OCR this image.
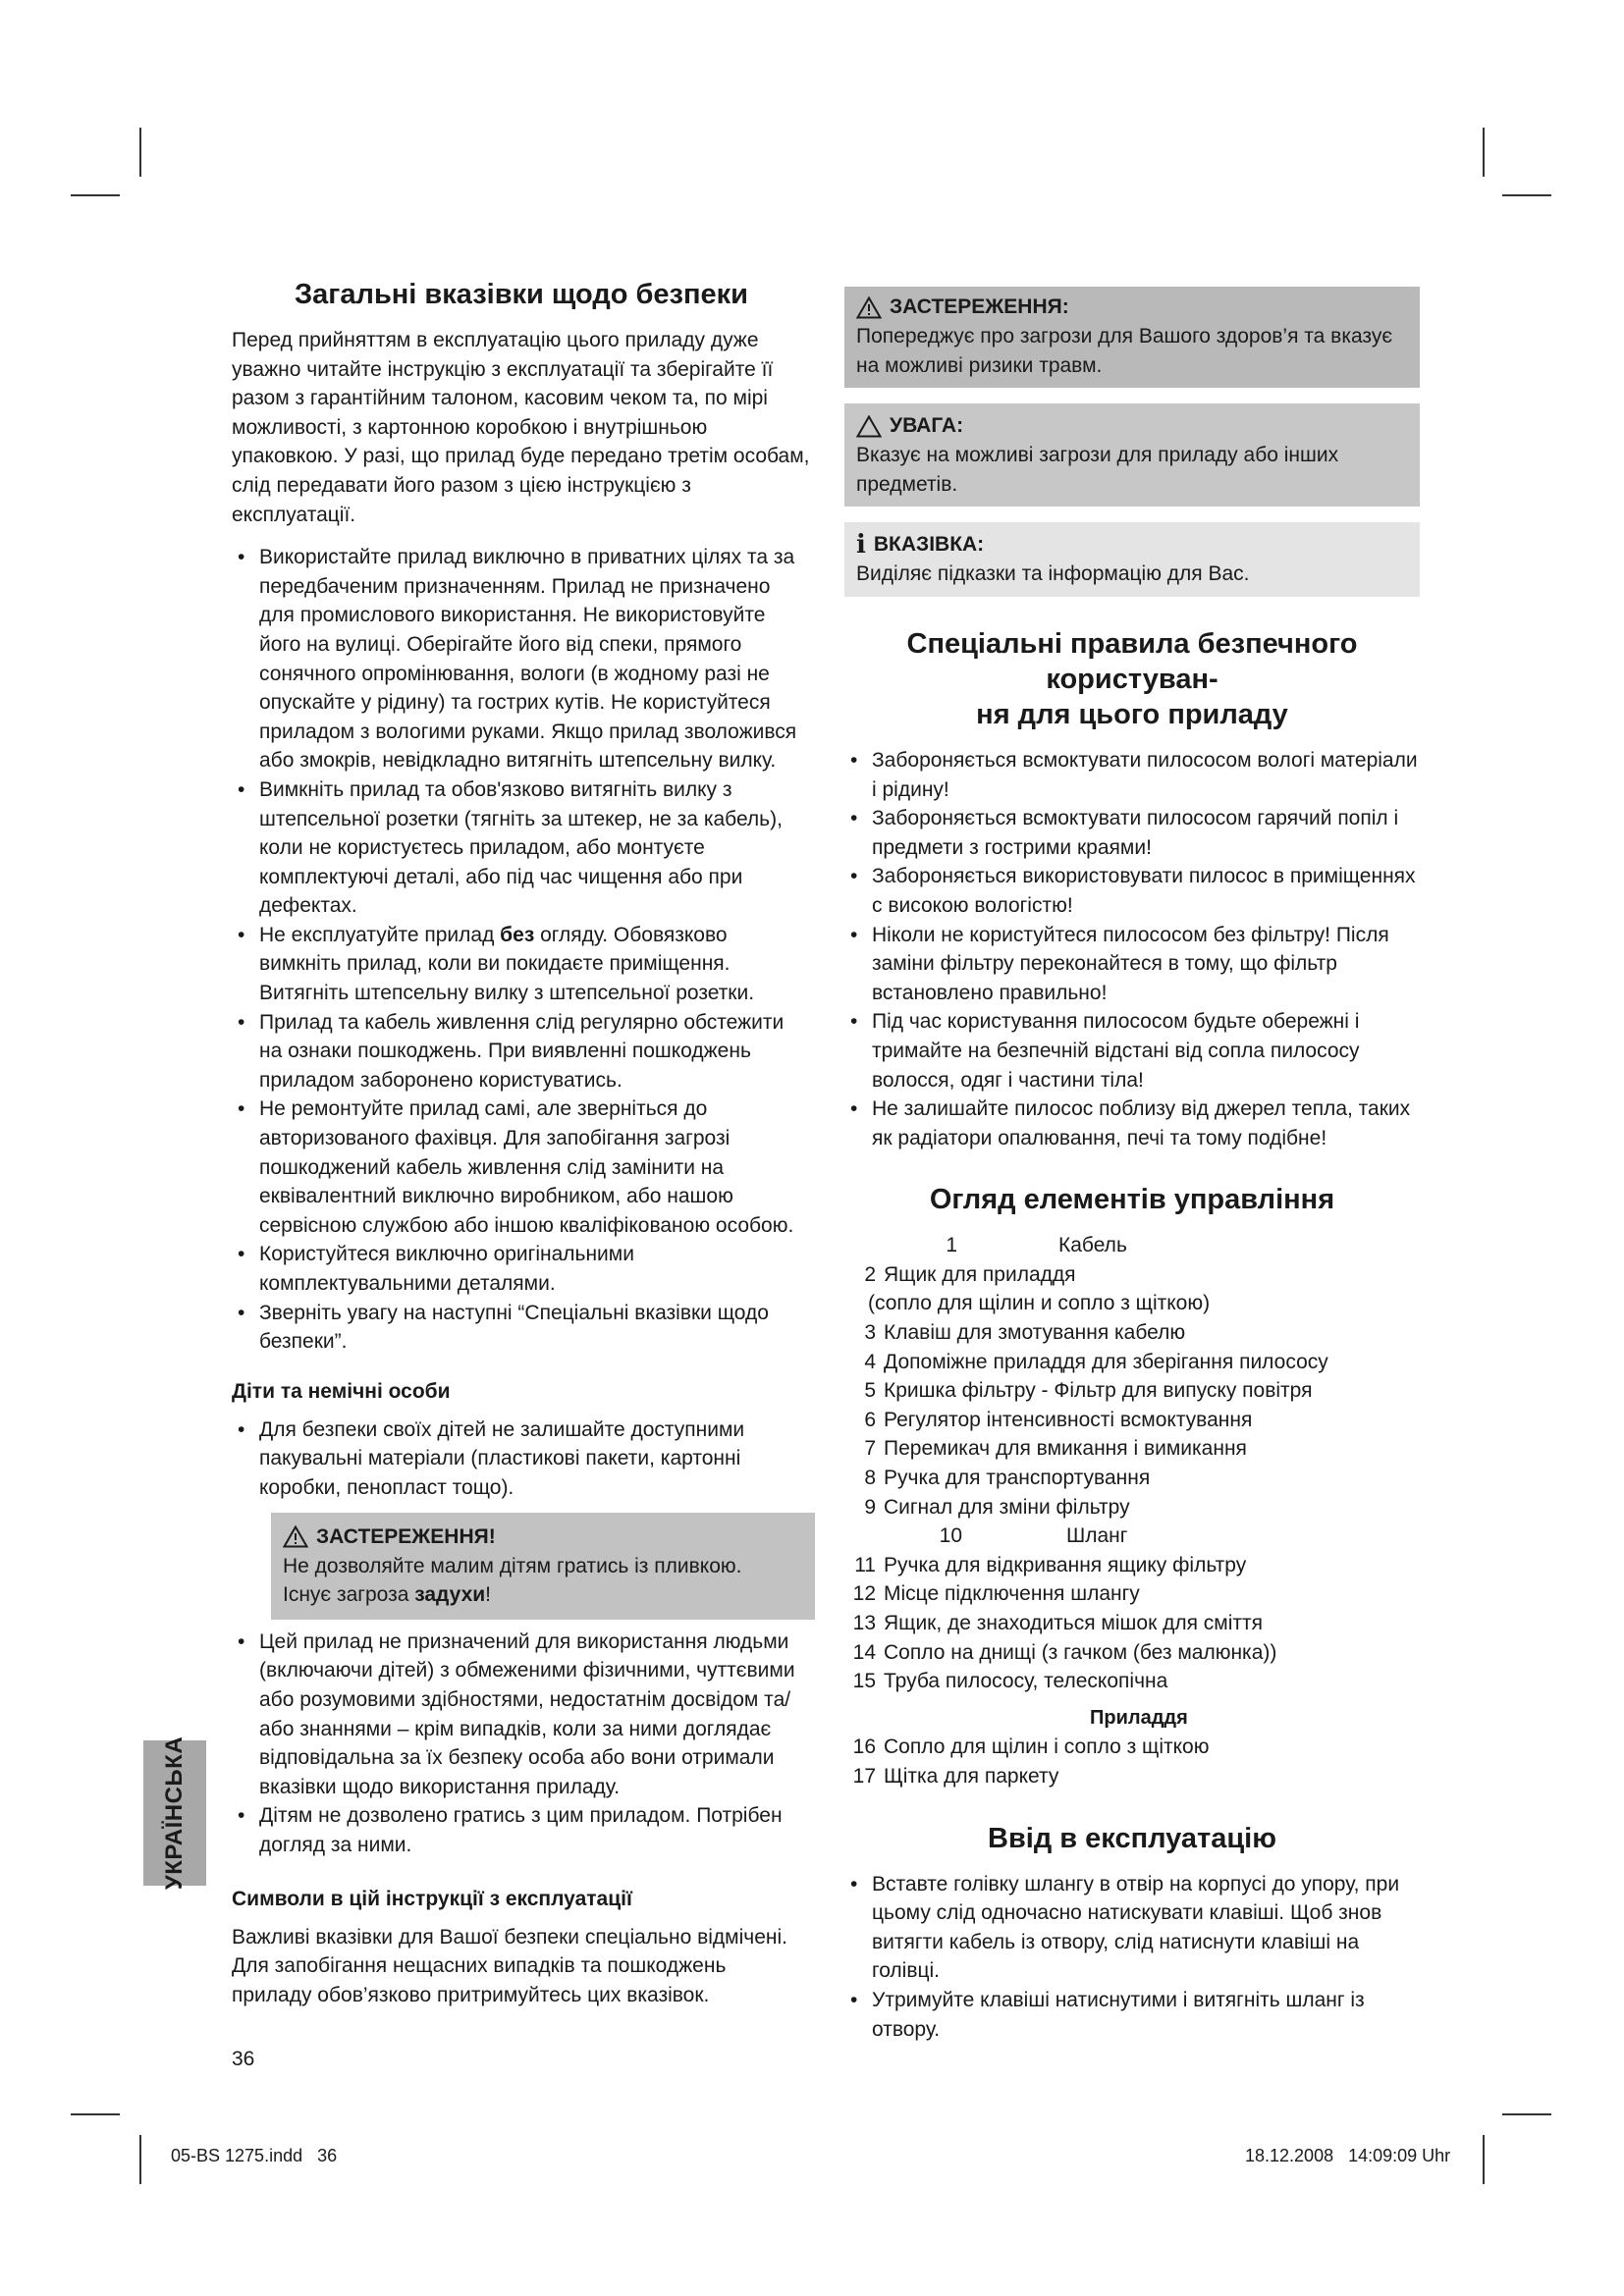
Загальні вказівки щодо безпеки

Перед прийняттям в експлуатацію цього приладу дуже уважно читайте інструкцію з експлуатації та зберігайте її разом з гарантійним талоном, касовим чеком та, по мірі можливості, з картонною коробкою і внутрішньою упаковкою. У разі, що прилад буде передано третім особам, слід передавати його разом з цією інструкцією з експлуатації.

• Використайте прилад виключно в приватних цілях та за передбаченим призначенням. Прилад не призначено для промислового використання. Не використовуйте його на вулиці. Оберігайте його від спеки, прямого сонячного опромінювання, вологи (в жодному разі не опускайте у рідину) та гострих кутів. Не користуйтеся приладом з вологими руками. Якщо прилад зволожився або змокрів, невідкладно витягніть штепсельну вилку.
• Вимкніть прилад та обов'язково витягніть вилку з штепсельної розетки (тягніть за штекер, не за кабель), коли не користуєтесь приладом, або монтуєте комплектуючі деталі, або під час чищення або при дефектах.
• Не експлуатуйте прилад без огляду. Обовязково вимкніть прилад, коли ви покидаєте приміщення. Витягніть штепсельну вилку з штепсельної розетки.
• Прилад та кабель живлення слід регулярно обстежити на ознаки пошкоджень. При виявленні пошкоджень приладом заборонено користуватись.
• Не ремонтуйте прилад самі, але зверніться до авторизованого фахівця. Для запобігання загрозі пошкоджений кабель живлення слід замінити на еквівалентний виключно виробником, або нашою сервісною службою або іншою кваліфікованою особою.
• Користуйтеся виключно оригінальними комплектувальними деталями.
• Зверніть увагу на наступні “Спеціальні вказівки щодо безпеки”.
Діти та немічні особи
• Для безпеки своїх дітей не залишайте доступними пакувальні матеріали (пластикові пакети, картонні коробки, пенопласт тощо).
ЗАСТЕРЕЖЕННЯ!
Не дозволяйте малим дітям гратись із пливкою.
Існує загроза задухи!
• Цей прилад не призначений для використання людьми (включаючи дітей) з обмеженими фізичними, чуттєвими або розумовими здібностями, недостатнім досвідом та/або знаннями – крім випадків, коли за ними доглядає відповідальна за їх безпеку особа або вони отримали вказівки щодо використання приладу.
• Дітям не дозволено гратись з цим приладом. Потрібен догляд за ними.
Символи в цій інструкції з експлуатації

Важливі вказівки для Вашої безпеки спеціально відмічені. Для запобігання нещасних випадків та пошкоджень приладу обов’язково притримуйтесь цих вказівок.

ЗАСТЕРЕЖЕННЯ:
Попереджує про загрози для Вашого здоров’я та вказує на можливі ризики травм.
УВАГА:
Вказує на можливі загрози для приладу або інших предметів.
i ВКАЗІВКА:
Виділяє підказки та інформацію для Вас.
Спеціальні правила безпечного користуван-
ня для цього приладу
• Забороняється всмоктувати пилососом вологі матеріали і рідину!
• Забороняється всмоктувати пилососом гарячий попіл і предмети з гострими краями!
• Забороняється використовувати пилосос в приміщеннях с високою вологістю!
• Ніколи не користуйтеся пилососом без фільтру! Після заміни фільтру переконайтеся в тому, що фільтр встановлено правильно!
• Під час користування пилососом будьте обережні і тримайте на безпечній відстані від сопла пилососу волосся, одяг і частини тіла!
• Не залишайте пилосос поблизу від джерел тепла, таких як радіатори опалювання, печі та тому подібне!
Огляд елементів управління
1	Кабель
2 Ящик для приладдя
(сопло для щілин и сопло з щіткою)
3 Клавіш для змотування кабелю
4 Допоміжне приладдя для зберігання пилососу
5 Кришка фільтру - Фільтр для випуску повітря
6 Регулятор інтенсивності всмоктування
7 Перемикач для вмикання і вимикання
8 Ручка для транспортування
9 Сигнал для зміни фільтру
10	Шланг
11 Ручка для відкривання ящику фільтру
12 Місце підключення шлангу
13 Ящик, де знаходиться мішок для сміття
14 Сопло на днищі (з гачком (без малюнка))
15 Труба пилососу, телескопічна
Приладдя
16 Сопло для щілин і сопло з щіткою
17 Щітка для паркету
Ввід в експлуатацію
• Вставте голівку шлангу в отвір на корпусі до упору, при цьому слід одночасно натискувати клавіші. Щоб знов витягти кабель із отвору, слід натиснути клавіші на голівці.
• Утримуйте клавіші натиснутими і витягніть шланг із отвору.
УКРАЇНСЬКА
36
05-BS 1275.indd   36	18.12.2008   14:09:09 Uhr
